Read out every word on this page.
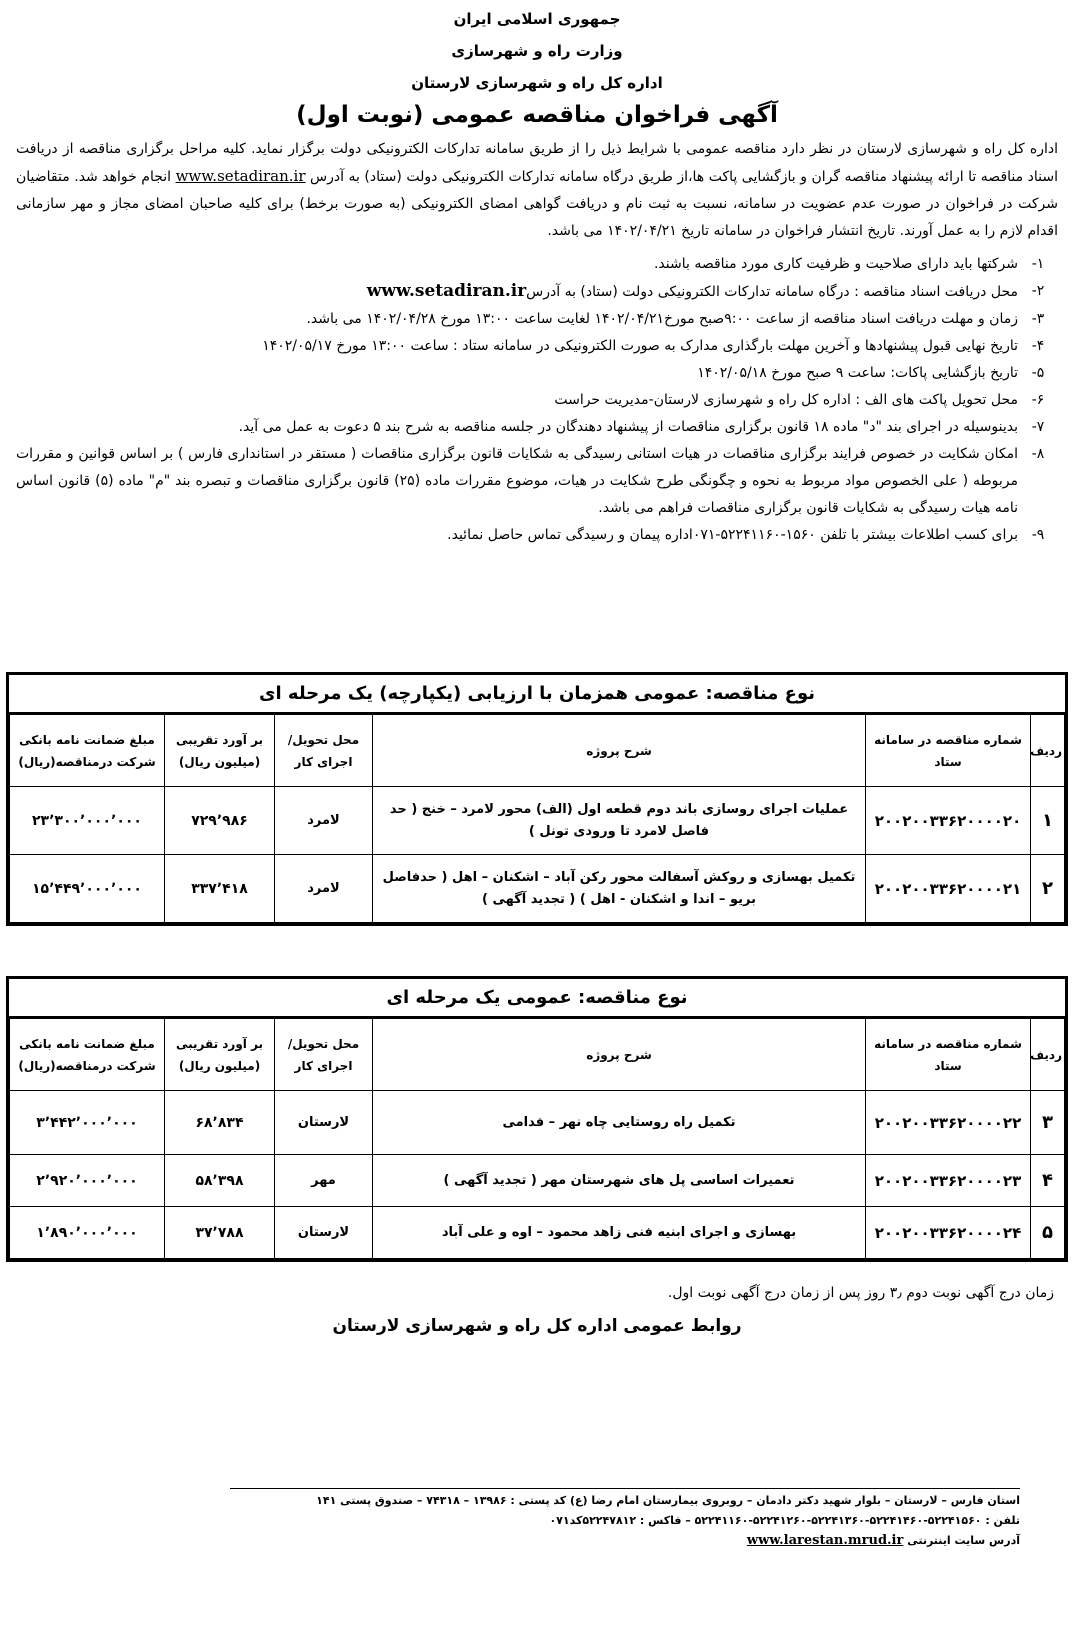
جمهوری اسلامی ایران
وزارت راه و شهرسازی
اداره کل راه و شهرسازی لارستان
آگهی فراخوان مناقصه عمومی (نوبت اول)
اداره کل راه و شهرسازی لارستان در نظر دارد مناقصه عمومی با شرایط ذیل را از طریق سامانه تدارکات الکترونیکی دولت برگزار نماید. کلیه مراحل برگزاری مناقصه از دریافت اسناد مناقصه تا ارائه پیشنهاد مناقصه گران و بازگشایی پاکت ها،از طریق درگاه سامانه تدارکات الکترونیکی دولت (ستاد) به آدرس www.setadiran.ir انجام خواهد شد. متقاضیان شرکت در فراخوان در صورت عدم عضویت در سامانه، نسبت به ثبت نام و دریافت گواهی امضای الکترونیکی (به صورت برخط) برای کلیه صاحبان امضای مجاز و مهر سازمانی اقدام لازم را به عمل آورند. تاریخ انتشار فراخوان در سامانه تاریخ ۱۴۰۲/۰۴/۲۱ می باشد.
۱-
شرکتها باید دارای صلاحیت و ظرفیت کاری مورد مناقصه باشند.
۲-
محل دریافت اسناد مناقصه : درگاه سامانه تدارکات الکترونیکی دولت (ستاد) به آدرسwww.setadiran.ir
۳-
زمان و مهلت دریافت اسناد مناقصه از ساعت ۹:۰۰صبح مورخ۱۴۰۲/۰۴/۲۱ لغایت ساعت ۱۳:۰۰ مورخ ۱۴۰۲/۰۴/۲۸ می باشد.
۴-
تاریخ نهایی قبول پیشنهادها و آخرین مهلت بارگذاری مدارک به صورت الکترونیکی در سامانه ستاد : ساعت ۱۳:۰۰ مورخ ۱۴۰۲/۰۵/۱۷
۵-
تاریخ بازگشایی پاکات: ساعت ۹ صبح مورخ ۱۴۰۲/۰۵/۱۸
۶-
محل تحویل پاکت های الف : اداره کل راه و شهرسازی لارستان-مدیریت حراست
۷-
بدینوسیله در اجرای بند "د" ماده ۱۸ قانون برگزاری مناقصات از پیشنهاد دهندگان در جلسه مناقصه به شرح بند ۵ دعوت به عمل می آید.
۸-
امکان شکایت در خصوص فرایند برگزاری مناقصات در هیات استانی رسیدگی به شکایات قانون برگزاری مناقصات ( مستقر در استانداری فارس ) بر اساس قوانین و مقررات مربوطه ( علی الخصوص مواد مربوط به نحوه و چگونگی طرح شکایت در هیات، موضوع مقررات ماده (۲۵) قانون برگزاری مناقصات و تبصره بند "م" ماده (۵) قانون اساس نامه هیات رسیدگی به شکایات قانون برگزاری مناقصات فراهم می باشد.
۹-
برای کسب اطلاعات بیشتر با تلفن ۱۵۶۰-۵۲۲۴۱۱۶۰-۰۷۱اداره پیمان و رسیدگی تماس حاصل نمائید.
نوع مناقصه: عمومی همزمان با ارزیابی (یکپارچه) یک مرحله ای
ردیف	شماره مناقصه در سامانه ستاد	شرح پروژه	محل تحویل/اجرای کار	بر آورد تقریبی (میلیون ریال)	مبلغ ضمانت نامه بانکی شرکت درمناقصه(ریال)
۱	۲۰۰۲۰۰۳۳۶۲۰۰۰۰۲۰	عملیات اجرای روسازی باند دوم قطعه اول (الف) محور لامرد – خنج ( حد فاصل لامرد تا ورودی تونل )	لامرد	۷۲۹٬۹۸۶	۲۳٬۳۰۰٬۰۰۰٬۰۰۰
۲	۲۰۰۲۰۰۳۳۶۲۰۰۰۰۲۱	تکمیل بهسازی و روکش آسفالت محور رکن آباد – اشکنان – اهل ( حدفاصل بریو – اندا و اشکنان - اهل ) ( تجدید آگهی )	لامرد	۳۳۷٬۴۱۸	۱۵٬۴۴۹٬۰۰۰٬۰۰۰
نوع مناقصه: عمومی یک مرحله ای
ردیف	شماره مناقصه در سامانه ستاد	شرح پروژه	محل تحویل/اجرای کار	بر آورد تقریبی (میلیون ریال)	مبلغ ضمانت نامه بانکی شرکت درمناقصه(ریال)
۳	۲۰۰۲۰۰۳۳۶۲۰۰۰۰۲۲	تکمیل راه روستایی چاه نهر – فدامی	لارستان	۶۸٬۸۳۴	۳٬۴۴۲٬۰۰۰٬۰۰۰
۴	۲۰۰۲۰۰۳۳۶۲۰۰۰۰۲۳	تعمیرات اساسی پل های شهرستان مهر ( تجدید آگهی )	مهر	۵۸٬۳۹۸	۲٬۹۲۰٬۰۰۰٬۰۰۰
۵	۲۰۰۲۰۰۳۳۶۲۰۰۰۰۲۴	بهسازی و اجرای ابنیه فنی زاهد محمود – اوه و علی آباد	لارستان	۳۷٬۷۸۸	۱٬۸۹۰٬۰۰۰٬۰۰۰
زمان درج آگهی نوبت دوم ۳٫ روز پس از زمان درج آگهی نوبت اول.
روابط عمومی اداره کل راه و شهرسازی لارستان
استان فارس – لارستان – بلوار شهید دکتر دادمان – روبروی بیمارستان امام رضا (ع) کد پستی : ۱۳۹۸۶ – ۷۴۳۱۸ – صندوق پستی ۱۴۱
تلفن : ۵۲۲۴۱۵۶۰-۵۲۲۴۱۴۶۰-۵۲۲۴۱۳۶۰-۵۲۲۴۱۲۶۰-۵۲۲۴۱۱۶۰ – فاکس : ۵۲۲۴۷۸۱۲کد۰۷۱
آدرس سایت اینترنتی www.larestan.mrud.ir
